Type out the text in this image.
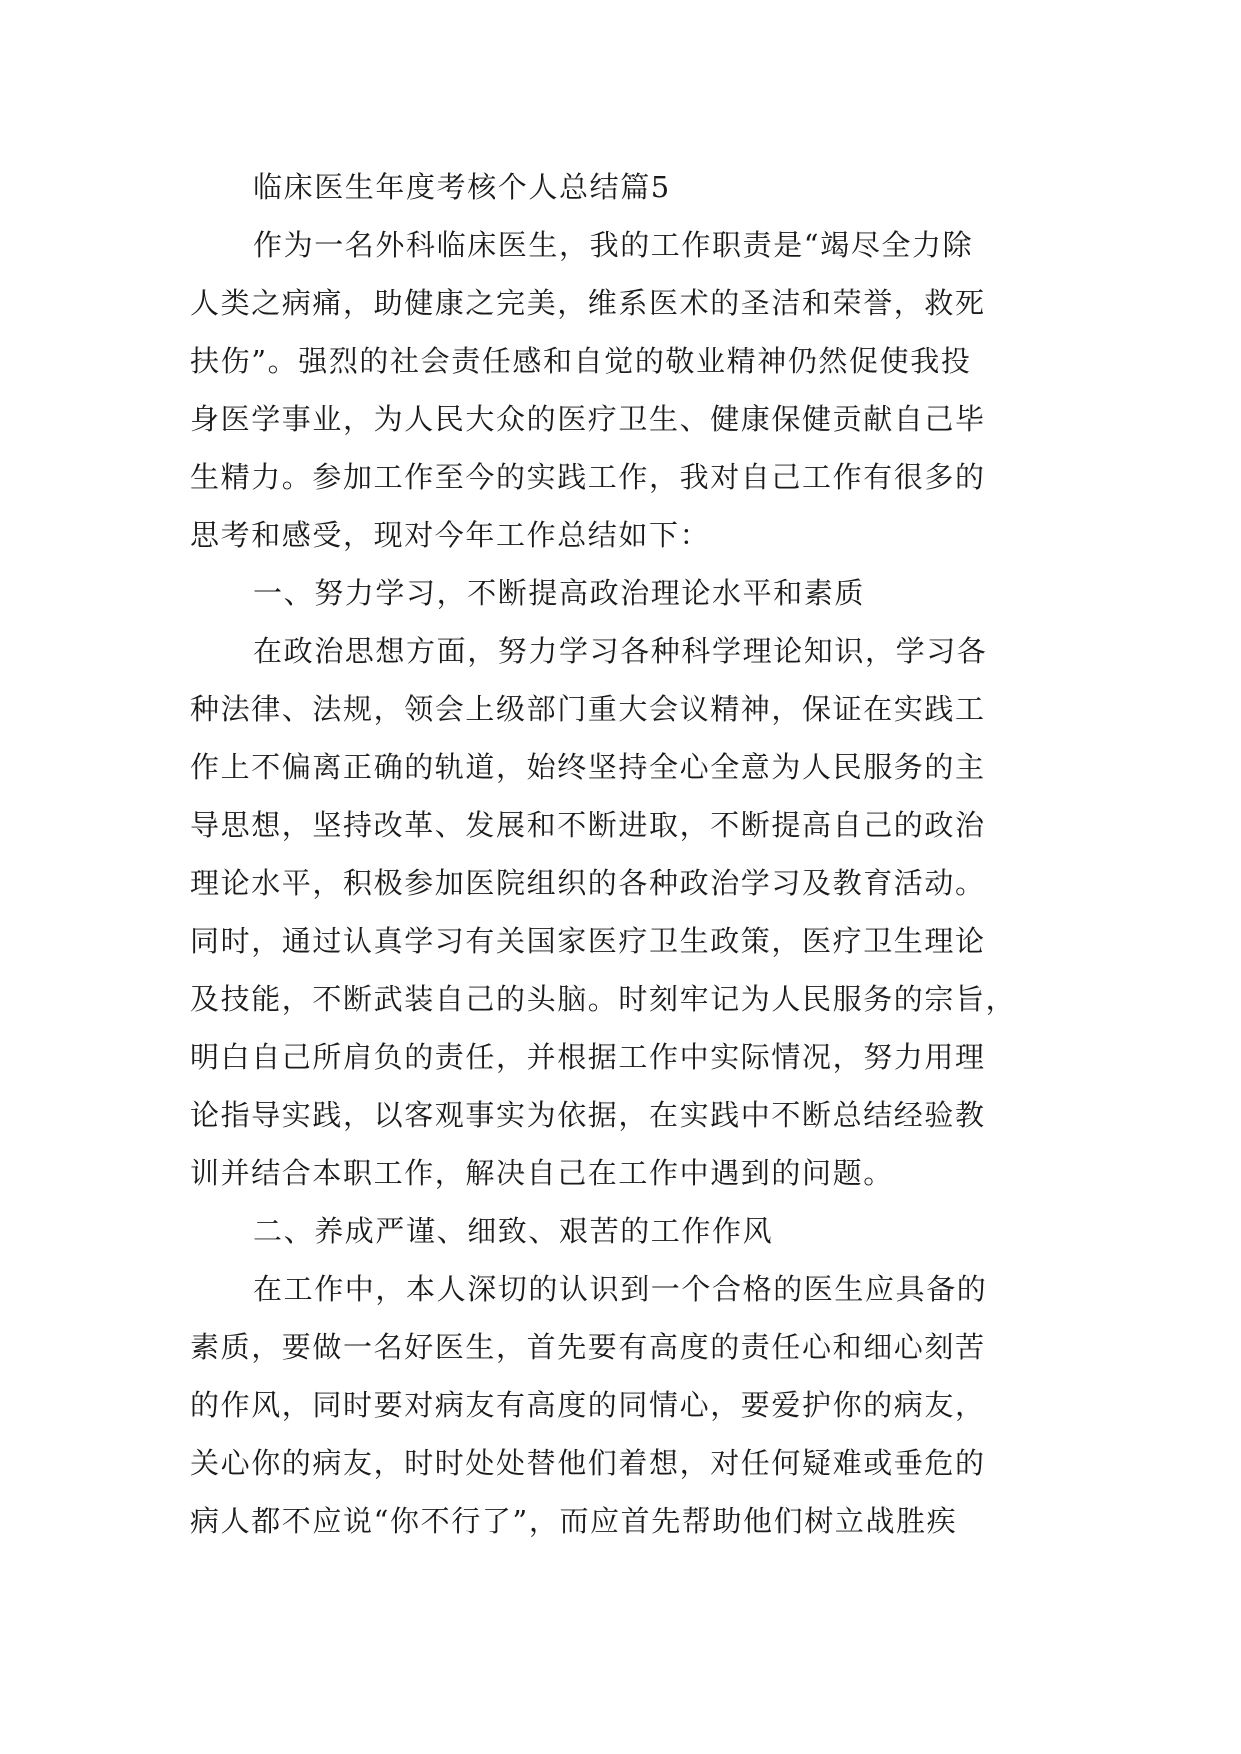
临床医生年度考核个人总结篇5
作为一名外科临床医生，我的工作职责是“竭尽全力除
人类之病痛，助健康之完美，维系医术的圣洁和荣誉，救死
扶伤”。强烈的社会责任感和自觉的敬业精神仍然促使我投
身医学事业，为人民大众的医疗卫生、健康保健贡献自己毕
生精力。参加工作至今的实践工作，我对自己工作有很多的
思考和感受，现对今年工作总结如下：
一、努力学习，不断提高政治理论水平和素质
在政治思想方面，努力学习各种科学理论知识，学习各
种法律、法规，领会上级部门重大会议精神，保证在实践工
作上不偏离正确的轨道，始终坚持全心全意为人民服务的主
导思想，坚持改革、发展和不断进取，不断提高自己的政治
理论水平，积极参加医院组织的各种政治学习及教育活动。
同时，通过认真学习有关国家医疗卫生政策，医疗卫生理论
及技能，不断武装自己的头脑。时刻牢记为人民服务的宗旨，
明白自己所肩负的责任，并根据工作中实际情况，努力用理
论指导实践，以客观事实为依据，在实践中不断总结经验教
训并结合本职工作，解决自己在工作中遇到的问题。
二、养成严谨、细致、艰苦的工作作风
在工作中，本人深切的认识到一个合格的医生应具备的
素质，要做一名好医生，首先要有高度的责任心和细心刻苦
的作风，同时要对病友有高度的同情心，要爱护你的病友，
关心你的病友，时时处处替他们着想，对任何疑难或垂危的
病人都不应说“你不行了”，而应首先帮助他们树立战胜疾
